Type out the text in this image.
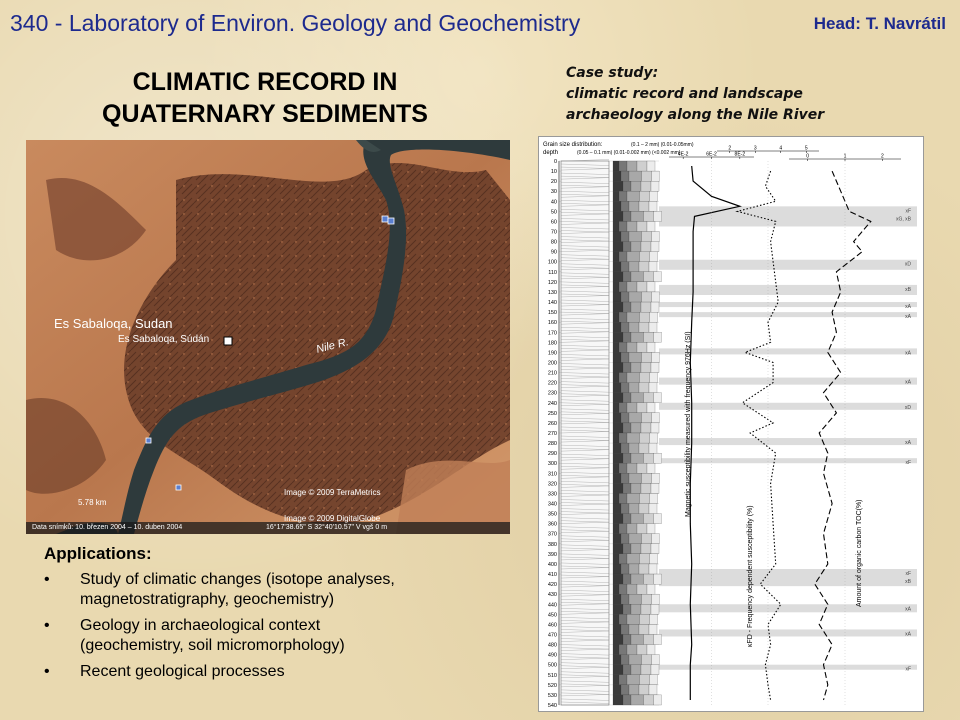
340 - Laboratory of Environ. Geology and Geochemistry	Head: T. Navrátil
CLIMATIC RECORD IN
QUATERNARY SEDIMENTS
Es Sabaloqa, Sudan
Es Sabaloqa, Súdán	Nile R.
5.78 km
Image © 2009 TerraMetrics
Image © 2009 DigitalGlobe
Data snímků: 10. březen 2004 – 10. duben 2004	16°17'38.65" S 32°40'10.57" V vgš 0 m
Applications:
• Study of climatic changes (isotope analyses,
magnetostratigraphy, geochemistry)
• Geology in archaeological context
(geochemistry, soil micromorphology)
• Recent geological processes
Case study:
climatic record and landscape
archaeology along the Nile River
xF
xG, xB
xD
xB
xA
xA
xA
xA
xD
xA
xF
xF
xB
xA
xA
xF
0
10
20
30
40
50
60
70
80
90
100
110
120
130
140
150
160
170
180
190
200
210
220
230
240
250
260
270
280
290
300
310
320
330
340
350
360
370
380
390
400
410
420
430
440
450
460
470
480
490
500
510
520
530
540
4E-2	6E-2	8E-2
2	3	4	5
0	1	2
Grain size distribution:	(0.1 – 2 mm) (0.01-0.05mm)
(0.05 – 0.1 mm) (0.01-0.002 mm) (<0.002 mm)
depth
Magnetic susceptibility measured with frequency 976Hz (SI)
κFD - Frequency dependent susceptibility (%)	Amount of organic carbon TOC(%)
